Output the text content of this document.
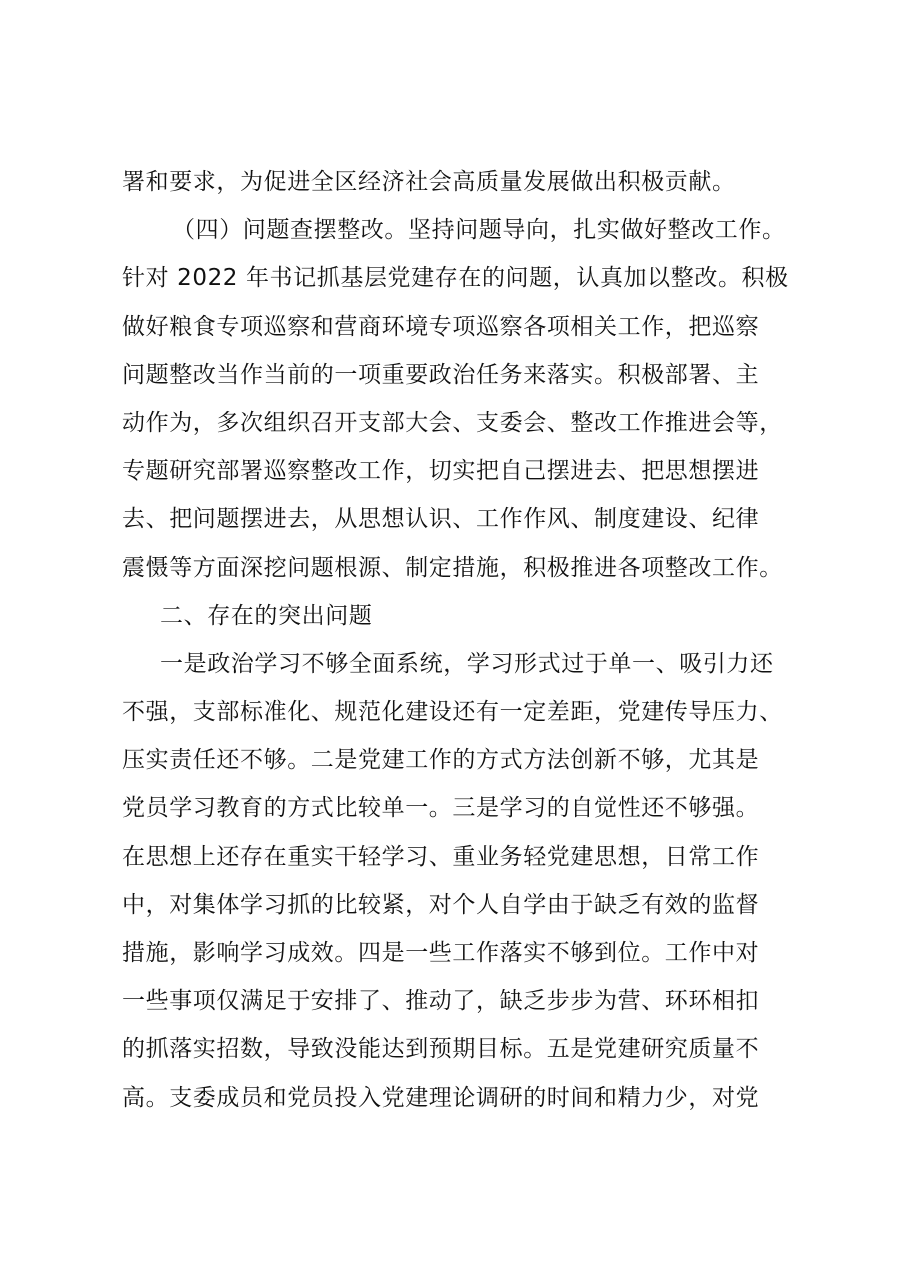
署和要求，为促进全区经济社会高质量发展做出积极贡献。
（四）问题查摆整改。坚持问题导向，扎实做好整改工作。
针对 2022 年书记抓基层党建存在的问题，认真加以整改。积极
做好粮食专项巡察和营商环境专项巡察各项相关工作，把巡察
问题整改当作当前的一项重要政治任务来落实。积极部署、主
动作为，多次组织召开支部大会、支委会、整改工作推进会等，
专题研究部署巡察整改工作，切实把自己摆进去、把思想摆进
去、把问题摆进去，从思想认识、工作作风、制度建设、纪律
震慑等方面深挖问题根源、制定措施，积极推进各项整改工作。
二、存在的突出问题
一是政治学习不够全面系统，学习形式过于单一、吸引力还
不强，支部标准化、规范化建设还有一定差距，党建传导压力、
压实责任还不够。二是党建工作的方式方法创新不够，尤其是
党员学习教育的方式比较单一。三是学习的自觉性还不够强。
在思想上还存在重实干轻学习、重业务轻党建思想，日常工作
中，对集体学习抓的比较紧，对个人自学由于缺乏有效的监督
措施，影响学习成效。四是一些工作落实不够到位。工作中对
一些事项仅满足于安排了、推动了，缺乏步步为营、环环相扣
的抓落实招数，导致没能达到预期目标。五是党建研究质量不
高。支委成员和党员投入党建理论调研的时间和精力少，对党
